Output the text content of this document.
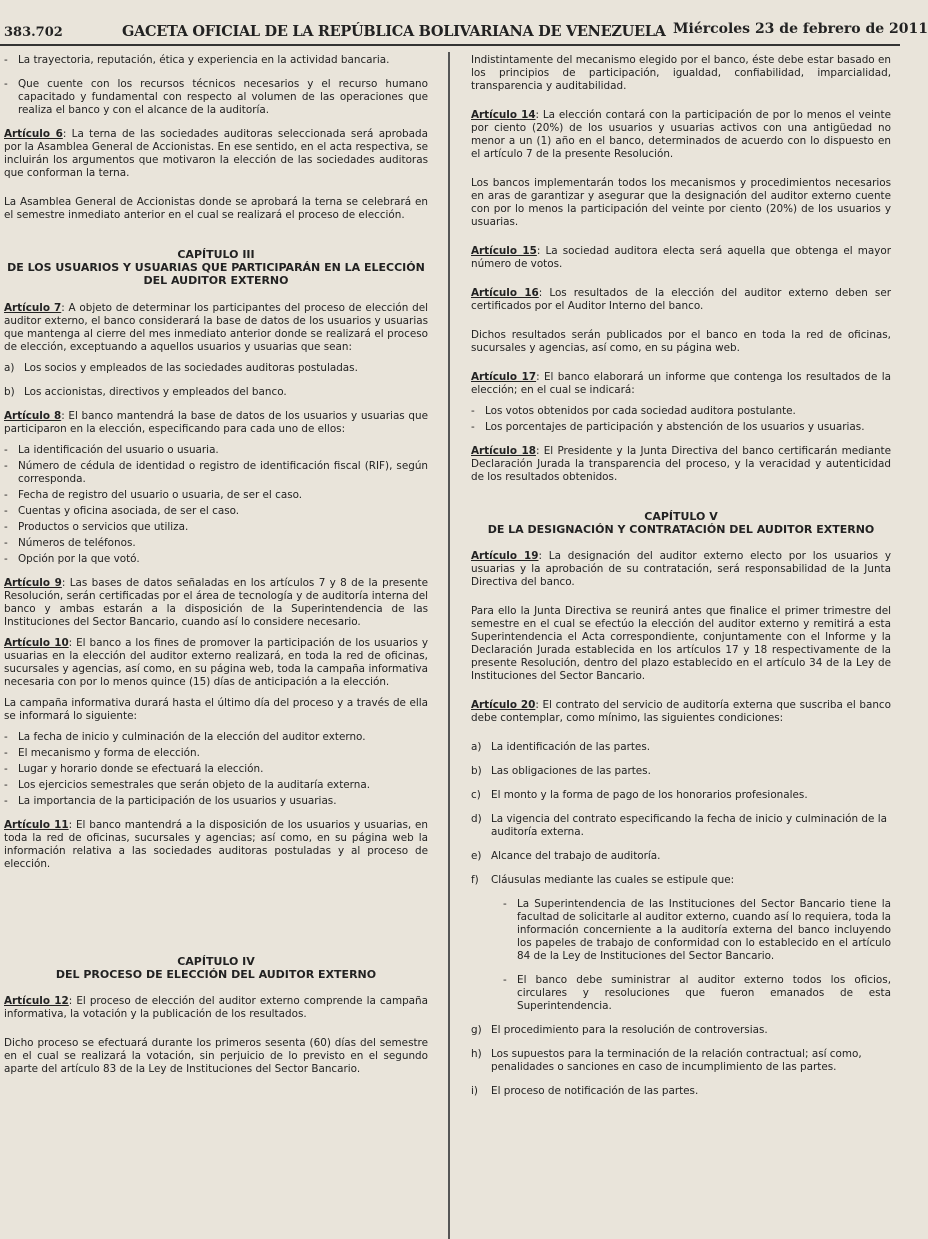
383.702	GACETA OFICIAL DE LA REPÚBLICA BOLIVARIANA DE VENEZUELA Miércoles 23 de febrero de 2011
- La trayectoria, reputación, ética y experiencia en la actividad bancaria.
- Que cuente con los recursos técnicos necesarios y el recurso humano capacitado y fundamental con respecto al volumen de las operaciones que realiza el banco y con el alcance de la auditoría.

Artículo 6: La terna de las sociedades auditoras seleccionada será aprobada por la Asamblea General de Accionistas. En ese sentido, en el acta respectiva, se incluirán los argumentos que motivaron la elección de las sociedades auditoras que conforman la terna.

La Asamblea General de Accionistas donde se aprobará la terna se celebrará en el semestre inmediato anterior en el cual se realizará el proceso de elección.

CAPÍTULO III
DE LOS USUARIOS Y USUARIAS QUE PARTICIPARÁN EN LA ELECCIÓN DEL AUDITOR EXTERNO

Artículo 7: A objeto de determinar los participantes del proceso de elección del auditor externo, el banco considerará la base de datos de los usuarios y usuarias que mantenga al cierre del mes inmediato anterior donde se realizará el proceso de elección, exceptuando a aquellos usuarios y usuarias que sean:

a) Los socios y empleados de las sociedades auditoras postuladas.
b) Los accionistas, directivos y empleados del banco.

Artículo 8: El banco mantendrá la base de datos de los usuarios y usuarias que participaron en la elección, especificando para cada uno de ellos:

- La identificación del usuario o usuaria.
- Número de cédula de identidad o registro de identificación fiscal (RIF), según corresponda.
- Fecha de registro del usuario o usuaria, de ser el caso.
- Cuentas y oficina asociada, de ser el caso.
- Productos o servicios que utiliza.
- Números de teléfonos.
- Opción por la que votó.

Artículo 9: Las bases de datos señaladas en los artículos 7 y 8 de la presente Resolución, serán certificadas por el área de tecnología y de auditoría interna del banco y ambas estarán a la disposición de la Superintendencia de las Instituciones del Sector Bancario, cuando así lo considere necesario.

Artículo 10: El banco a los fines de promover la participación de los usuarios y usuarias en la elección del auditor externo realizará, en toda la red de oficinas, sucursales y agencias, así como, en su página web, toda la campaña informativa necesaria con por lo menos quince (15) días de anticipación a la elección.

La campaña informativa durará hasta el último día del proceso y a través de ella se informará lo siguiente:

- La fecha de inicio y culminación de la elección del auditor externo.
- El mecanismo y forma de elección.
- Lugar y horario donde se efectuará la elección.
- Los ejercicios semestrales que serán objeto de la auditaría externa.
- La importancia de la participación de los usuarios y usuarias.

Artículo 11: El banco mantendrá a la disposición de los usuarios y usuarias, en toda la red de oficinas, sucursales y agencias; así como, en su página web la información relativa a las sociedades auditoras postuladas y al proceso de elección.

CAPÍTULO IV
DEL PROCESO DE ELECCIÓN DEL AUDITOR EXTERNO

Artículo 12: El proceso de elección del auditor externo comprende la campaña informativa, la votación y la publicación de los resultados.

Dicho proceso se efectuará durante los primeros sesenta (60) días del semestre en el cual se realizará la votación, sin perjuicio de lo previsto en el segundo aparte del artículo 83 de la Ley de Instituciones del Sector Bancario.

Indistintamente del mecanismo elegido por el banco, éste debe estar basado en los principios de participación, igualdad, confiabilidad, imparcialidad, transparencia y auditabilidad.

Artículo 14: La elección contará con la participación de por lo menos el veinte por ciento (20%) de los usuarios y usuarias activos con una antigüedad no menor a un (1) año en el banco, determinados de acuerdo con lo dispuesto en el artículo 7 de la presente Resolución.

Los bancos implementarán todos los mecanismos y procedimientos necesarios en aras de garantizar y asegurar que la designación del auditor externo cuente con por lo menos la participación del veinte por ciento (20%) de los usuarios y usuarias.

Artículo 15: La sociedad auditora electa será aquella que obtenga el mayor número de votos.

Artículo 16: Los resultados de la elección del auditor externo deben ser certificados por el Auditor Interno del banco.

Dichos resultados serán publicados por el banco en toda la red de oficinas, sucursales y agencias, así como, en su página web.

Artículo 17: El banco elaborará un informe que contenga los resultados de la elección; en el cual se indicará:

- Los votos obtenidos por cada sociedad auditora postulante.
- Los porcentajes de participación y abstención de los usuarios y usuarias.

Artículo 18: El Presidente y la Junta Directiva del banco certificarán mediante Declaración Jurada la transparencia del proceso, y la veracidad y autenticidad de los resultados obtenidos.

CAPÍTULO V
DE LA DESIGNACIÓN Y CONTRATACIÓN DEL AUDITOR EXTERNO

Artículo 19: La designación del auditor externo electo por los usuarios y usuarias y la aprobación de su contratación, será responsabilidad de la Junta Directiva del banco.

Para ello la Junta Directiva se reunirá antes que finalice el primer trimestre del semestre en el cual se efectúo la elección del auditor externo y remitirá a esta Superintendencia el Acta correspondiente, conjuntamente con el Informe y la Declaración Jurada establecida en los artículos 17 y 18 respectivamente de la presente Resolución, dentro del plazo establecido en el artículo 34 de la Ley de Instituciones del Sector Bancario.

Artículo 20: El contrato del servicio de auditoría externa que suscriba el banco debe contemplar, como mínimo, las siguientes condiciones:

a) La identificación de las partes.
b) Las obligaciones de las partes.
c) El monto y la forma de pago de los honorarios profesionales.
d) La vigencia del contrato especificando la fecha de inicio y culminación de la auditoría externa.
e) Alcance del trabajo de auditoría.
f)	Cláusulas mediante las cuales se estipule que:
- La Superintendencia de las Instituciones del Sector Bancario tiene la facultad de solicitarle al auditor externo, cuando así lo requiera, toda la información concerniente a la auditoría externa del banco incluyendo los papeles de trabajo de conformidad con lo establecido en el artículo 84 de la Ley de Instituciones del Sector Bancario.
- El banco debe suministrar al auditor externo todos los oficios, circulares y resoluciones que fueron emanados de esta Superintendencia.
g) El procedimiento para la resolución de controversias.
h) Los supuestos para la terminación de la relación contractual; así como, penalidades o sanciones en caso de incumplimiento de las partes.
i)	El proceso de notificación de las partes.
